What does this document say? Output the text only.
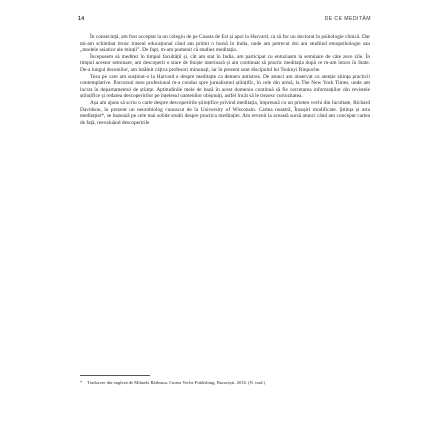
14	DE CE MEDITÂM

În consecință, am fost acceptat la un colegiu de pe Coasta de Est și apoi la Harvard, ca să fac un doctorat în psihologie clinică. Dar mi-am schimbat brusc traseul educațional când am primit o bursă în India, unde am petrecut doi ani studiind etnopsihologie sau „modele asiatice ale minții”. De fapt, m-am pomenit că studiez meditația.

Începusem să meditez în timpul facultății și, cât am stat în India, am participat cu entuziasm la seminare de câte zece zile. În timpul acestor seminare, am descoperit o stare de liniște interioară și am continuat să practic meditația după ce m-am întors în State. De-a lungul deceniilor, am întâlnit câțiva profesori minunați, iar în prezent sunt discipolul lui Tsoknyi Rinpoche.

Teza pe care am susținut-o la Harvard e despre meditație ca demers antistres. De atunci am observat cu atenție știința practicii contemplative. Parcursul meu profesional m-a condus spre jurnalismul științific, în cele din urmă, la The New York Times, unde am lucrat în departamentul de științe. Aptitudinile mele de bază în acest domeniu continuă să fie cercetarea informațiilor din revistele științifice și redarea descoperirilor pe înțelesul oamenilor obișnuiți, astfel încât să le trezesc curiozitatea.

Așa am ajuns să scriu o carte despre descoperirile științifice privind meditația, împreună cu un prieten vechi din facultate, Richard Davidson, în prezent un neurobiolog cunoscut de la University of Wisconsin. Cartea noastră, Însușiri modificate. Știința și arta meditației*, se bazează pe cele mai solide studii despre practica meditației. Am revenit la această sursă atunci când am conceput cartea de față, reevaluând descoperirile

* Traducere din engleză de Mihaela Răileanu, Curtea Veche Publishing, București, 2018. (N. trad.)
